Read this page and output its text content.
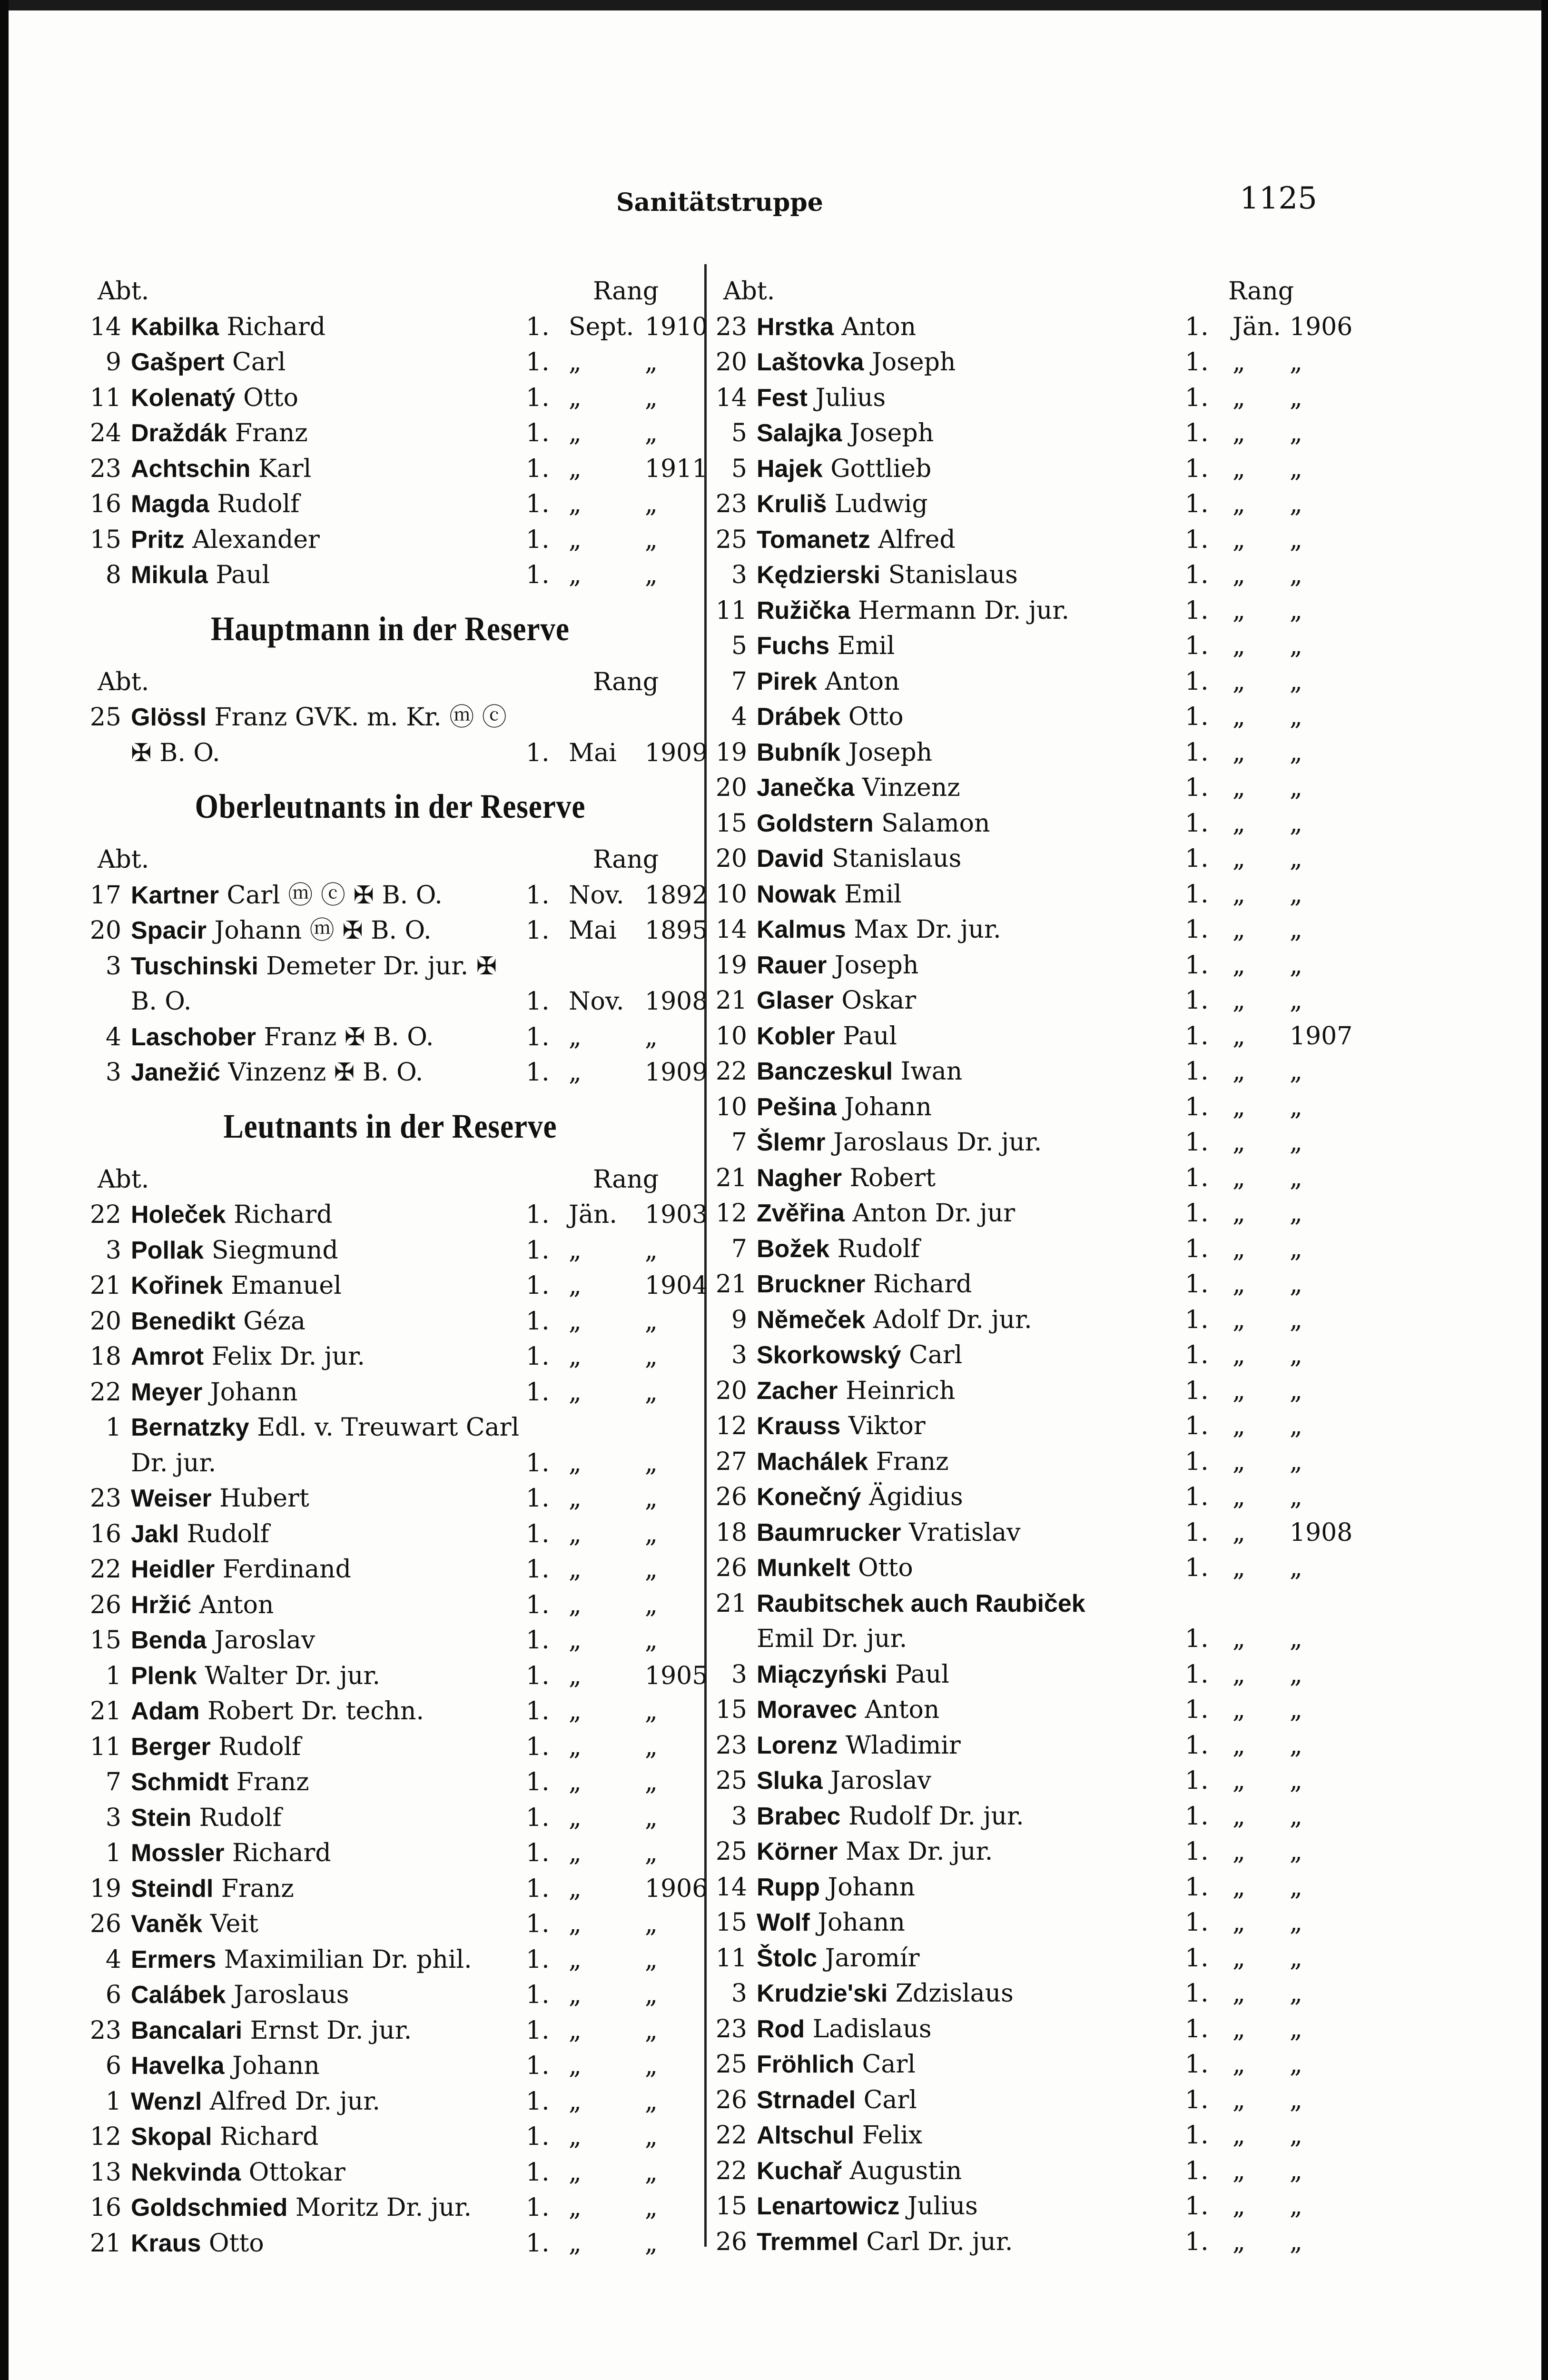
Sanitätstruppe	1125
Abt.	Rang
14 Kabilka Richard	1. Sept. 1910
9 Gašpert Carl	1. „	„
11 Kolenatý Otto	1. „	„
24 Draždák Franz	1. „	„
23 Achtschin Karl	1. „	1911
16 Magda Rudolf	1. „	„
15 Pritz Alexander	1. „	„
8 Mikula Paul	1. „	„
Hauptmann in der Reserve
Abt.	Rang
25 Glössl Franz GVK. m. Kr. ⓜ ⓒ
✠ B. O.	1. Mai 1909
Oberleutnants in der Reserve
Abt.	Rang
17 Kartner Carl ⓜ ⓒ ✠ B. O.	1. Nov. 1892
20 Spacir Johann ⓜ ✠ B. O.	1. Mai 1895
3 Tuschinski Demeter Dr. jur. ✠
B. O.	1. Nov. 1908
4 Laschober Franz ✠ B. O.	1. „	„
3 Janežić Vinzenz ✠ B. O.	1. „	1909
Leutnants in der Reserve
Abt.	Rang
22 Holeček Richard	1. Jän. 1903
3 Pollak Siegmund	1. „	„
21 Kořinek Emanuel	1. „	1904
20 Benedikt Géza	1. „	„
18 Amrot Felix Dr. jur.	1. „	„
22 Meyer Johann	1. „	„
1 Bernatzky Edl. v. Treuwart Carl
Dr. jur.	1. „	„
23 Weiser Hubert	1. „	„
16 Jakl Rudolf	1. „	„
22 Heidler Ferdinand	1. „	„
26 Hržić Anton	1. „	„
15 Benda Jaroslav	1. „	„
1 Plenk Walter Dr. jur.	1. „	1905
21 Adam Robert Dr. techn.	1. „	„
11 Berger Rudolf	1. „	„
7 Schmidt Franz	1. „	„
3 Stein Rudolf	1. „	„
1 Mossler Richard	1. „	„
19 Steindl Franz	1. „	1906
26 Vaněk Veit	1. „	„
4 Ermers Maximilian Dr. phil. 1. „	„
6 Calábek Jaroslaus	1. „	„
23 Bancalari Ernst Dr. jur.	1. „	„
6 Havelka Johann	1. „	„
1 Wenzl Alfred Dr. jur.	1. „	„
12 Skopal Richard	1. „	„
13 Nekvinda Ottokar	1. „	„
16 Goldschmied Moritz Dr. jur. 1. „	„
21 Kraus Otto	1. „	„
Abt.	Rang
23 Hrstka Anton	1. Jän. 1906
20 Laštovka Joseph	1. „ „
14 Fest Julius	1. „ „
5 Salajka Joseph	1. „ „
5 Hajek Gottlieb	1. „ „
23 Kruliš Ludwig	1. „ „
25 Tomanetz Alfred	1. „ „
3 Kędzierski Stanislaus	1. „ „
11 Ružička Hermann Dr. jur.	1. „ „
5 Fuchs Emil	1. „ „
7 Pirek Anton	1. „ „
4 Drábek Otto	1. „ „
19 Bubník Joseph	1. „ „
20 Janečka Vinzenz	1. „ „
15 Goldstern Salamon	1. „ „
20 David Stanislaus	1. „ „
10 Nowak Emil	1. „ „
14 Kalmus Max Dr. jur.	1. „ „
19 Rauer Joseph	1. „ „
21 Glaser Oskar	1. „ „
10 Kobler Paul	1. „ 1907
22 Banczeskul Iwan	1. „ „
10 Pešina Johann	1. „ „
7 Šlemr Jaroslaus Dr. jur.	1. „ „
21 Nagher Robert	1. „ „
12 Zvěřina Anton Dr. jur	1. „ „
7 Božek Rudolf	1. „ „
21 Bruckner Richard	1. „ „
9 Němeček Adolf Dr. jur.	1. „ „
3 Skorkowský Carl	1. „ „
20 Zacher Heinrich	1. „ „
12 Krauss Viktor	1. „ „
27 Machálek Franz	1. „ „
26 Konečný Ägidius	1. „ „
18 Baumrucker Vratislav	1. „ 1908
26 Munkelt Otto	1. „ „
21 Raubitschek auch Raubiček
Emil Dr. jur.	1. „ „
3 Miączyński Paul	1. „ „
15 Moravec Anton	1. „ „
23 Lorenz Wladimir	1. „ „
25 Sluka Jaroslav	1. „ „
3 Brabec Rudolf Dr. jur.	1. „ „
25 Körner Max Dr. jur.	1. „ „
14 Rupp Johann	1. „ „
15 Wolf Johann	1. „ „
11 Štolc Jaromír	1. „ „
3 Krudzie'ski Zdzislaus	1. „ „
23 Rod Ladislaus	1. „ „
25 Fröhlich Carl	1. „ „
26 Strnadel Carl	1. „ „
22 Altschul Felix	1. „ „
22 Kuchař Augustin	1. „ „
15 Lenartowicz Julius	1. „ „
26 Tremmel Carl Dr. jur.	1. „ „
